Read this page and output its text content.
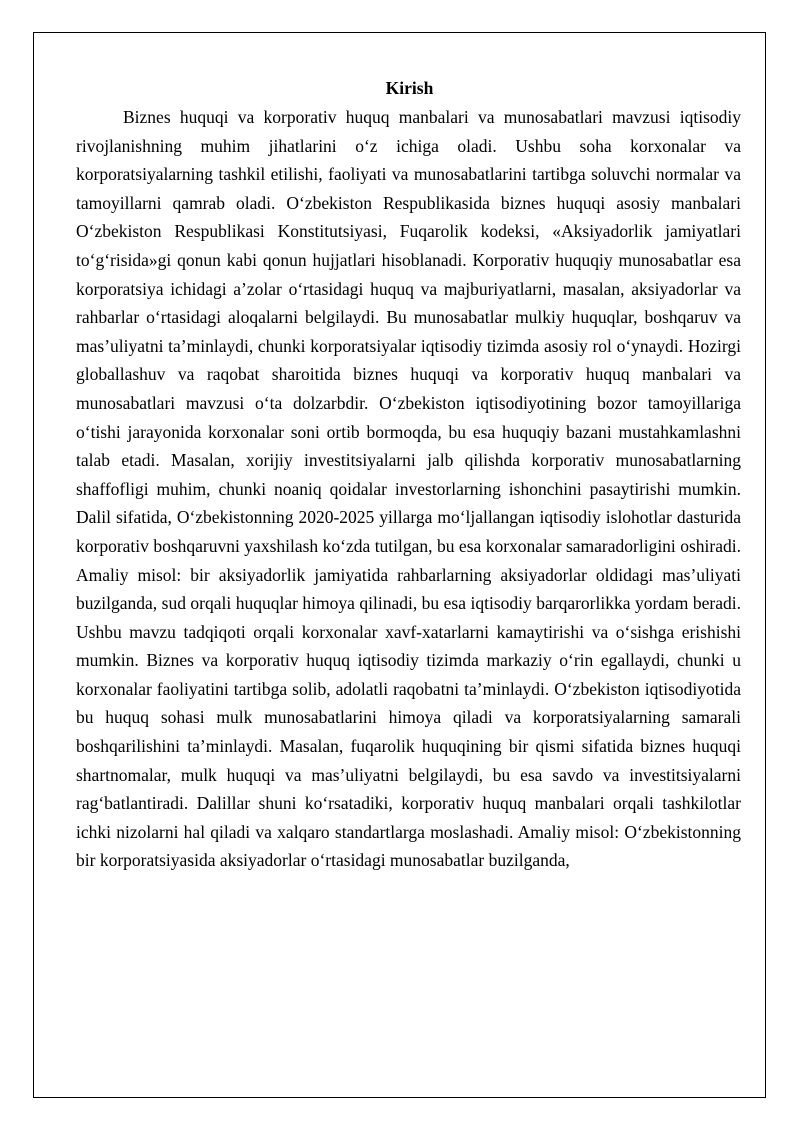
Kirish

Biznes huquqi va korporativ huquq manbalari va munosabatlari mavzusi iqtisodiy rivojlanishning muhim jihatlarini o‘z ichiga oladi. Ushbu soha korxonalar va korporatsiyalarning tashkil etilishi, faoliyati va munosabatlarini tartibga soluvchi normalar va tamoyillarni qamrab oladi. O‘zbekiston Respublikasida biznes huquqi asosiy manbalari O‘zbekiston Respublikasi Konstitutsiyasi, Fuqarolik kodeksi, «Aksiyadorlik jamiyatlari to‘g‘risida»gi qonun kabi qonun hujjatlari hisoblanadi. Korporativ huquqiy munosabatlar esa korporatsiya ichidagi a’zolar o‘rtasidagi huquq va majburiyatlarni, masalan, aksiyadorlar va rahbarlar o‘rtasidagi aloqalarni belgilaydi. Bu munosabatlar mulkiy huquqlar, boshqaruv va mas’uliyatni ta’minlaydi, chunki korporatsiyalar iqtisodiy tizimda asosiy rol o‘ynaydi. Hozirgi globallashuv va raqobat sharoitida biznes huquqi va korporativ huquq manbalari va munosabatlari mavzusi o‘ta dolzarbdir. O‘zbekiston iqtisodiyotining bozor tamoyillariga o‘tishi jarayonida korxonalar soni ortib bormoqda, bu esa huquqiy bazani mustahkamlashni talab etadi. Masalan, xorijiy investitsiyalarni jalb qilishda korporativ munosabatlarning shaffofligi muhim, chunki noaniq qoidalar investorlarning ishonchini pasaytirishi mumkin. Dalil sifatida, O‘zbekistonning 2020-2025 yillarga mo‘ljallangan iqtisodiy islohotlar dasturida korporativ boshqaruvni yaxshilash ko‘zda tutilgan, bu esa korxonalar samaradorligini oshiradi. Amaliy misol: bir aksiyadorlik jamiyatida rahbarlarning aksiyadorlar oldidagi mas’uliyati buzilganda, sud orqali huquqlar himoya qilinadi, bu esa iqtisodiy barqarorlikka yordam beradi. Ushbu mavzu tadqiqoti orqali korxonalar xavf-xatarlarni kamaytirishi va o‘sishga erishishi mumkin. Biznes va korporativ huquq iqtisodiy tizimda markaziy o‘rin egallaydi, chunki u korxonalar faoliyatini tartibga solib, adolatli raqobatni ta’minlaydi. O‘zbekiston iqtisodiyotida bu huquq sohasi mulk munosabatlarini himoya qiladi va korporatsiyalarning samarali boshqarilishini ta’minlaydi. Masalan, fuqarolik huquqining bir qismi sifatida biznes huquqi shartnomalar, mulk huquqi va mas’uliyatni belgilaydi, bu esa savdo va investitsiyalarni rag‘batlantiradi. Dalillar shuni ko‘rsatadiki, korporativ huquq manbalari orqali tashkilotlar ichki nizolarni hal qiladi va xalqaro standartlarga moslashadi. Amaliy misol: O‘zbekistonning bir korporatsiyasida aksiyadorlar o‘rtasidagi munosabatlar buzilganda,
